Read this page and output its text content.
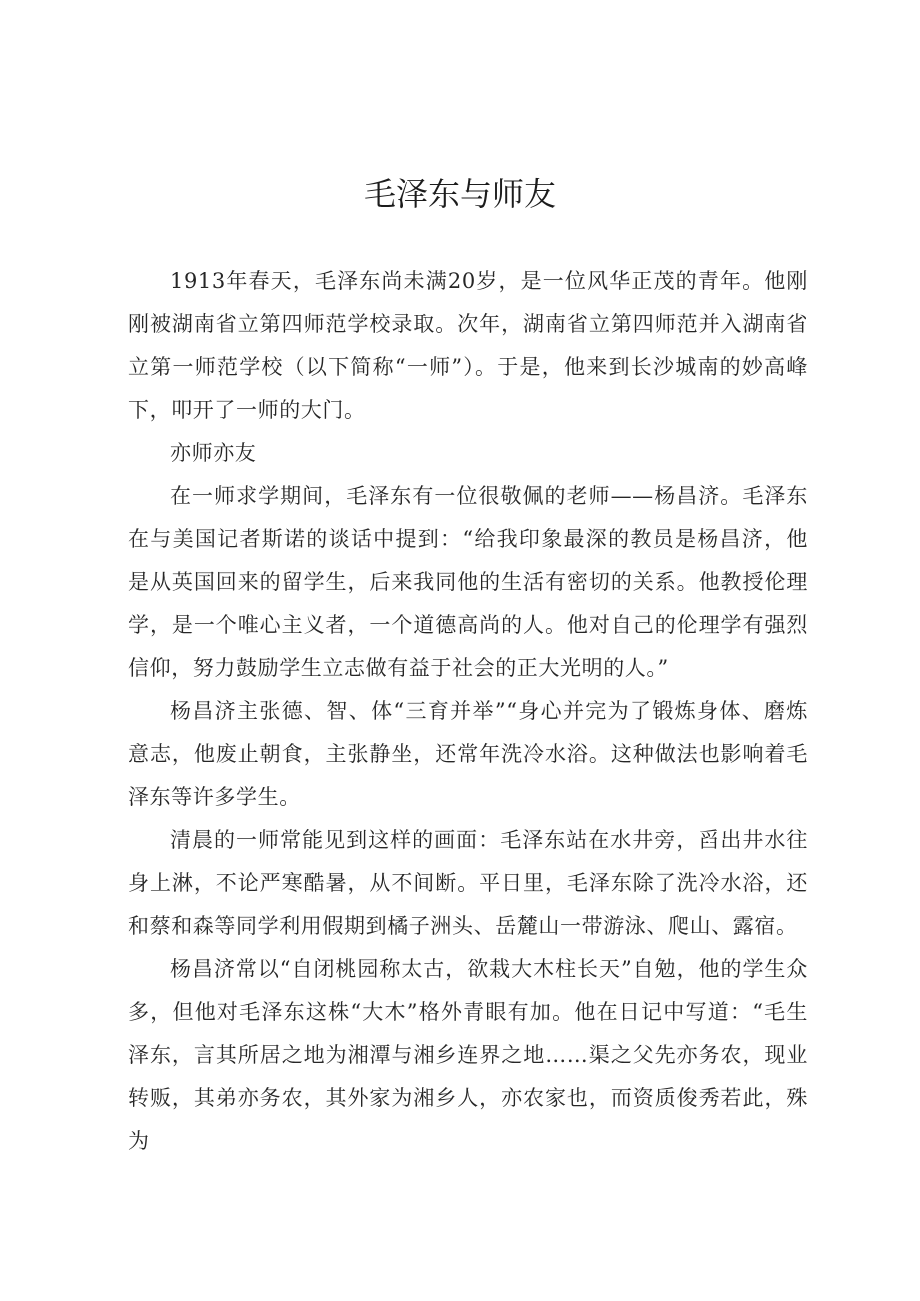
毛泽东与师友

1913年春天，毛泽东尚未满20岁，是一位风华正茂的青年。他刚刚被湖南省立第四师范学校录取。次年，湖南省立第四师范并入湖南省立第一师范学校（以下简称“一师”）。于是，他来到长沙城南的妙高峰下，叩开了一师的大门。

亦师亦友

在一师求学期间，毛泽东有一位很敬佩的老师——杨昌济。毛泽东在与美国记者斯诺的谈话中提到：“给我印象最深的教员是杨昌济，他是从英国回来的留学生，后来我同他的生活有密切的关系。他教授伦理学，是一个唯心主义者，一个道德高尚的人。他对自己的伦理学有强烈信仰，努力鼓励学生立志做有益于社会的正大光明的人。”

杨昌济主张德、智、体“三育并举”“身心并完为了锻炼身体、磨炼意志，他废止朝食，主张静坐，还常年洗冷水浴。这种做法也影响着毛泽东等许多学生。

清晨的一师常能见到这样的画面：毛泽东站在水井旁，舀出井水往身上淋，不论严寒酷暑，从不间断。平日里，毛泽东除了洗冷水浴，还和蔡和森等同学利用假期到橘子洲头、岳麓山一带游泳、爬山、露宿。

杨昌济常以“自闭桃园称太古，欲栽大木柱长天”自勉，他的学生众多，但他对毛泽东这株“大木”格外青眼有加。他在日记中写道：“毛生泽东，言其所居之地为湘潭与湘乡连界之地……渠之父先亦务农，现业转贩，其弟亦务农，其外家为湘乡人，亦农家也，而资质俊秀若此，殊为
